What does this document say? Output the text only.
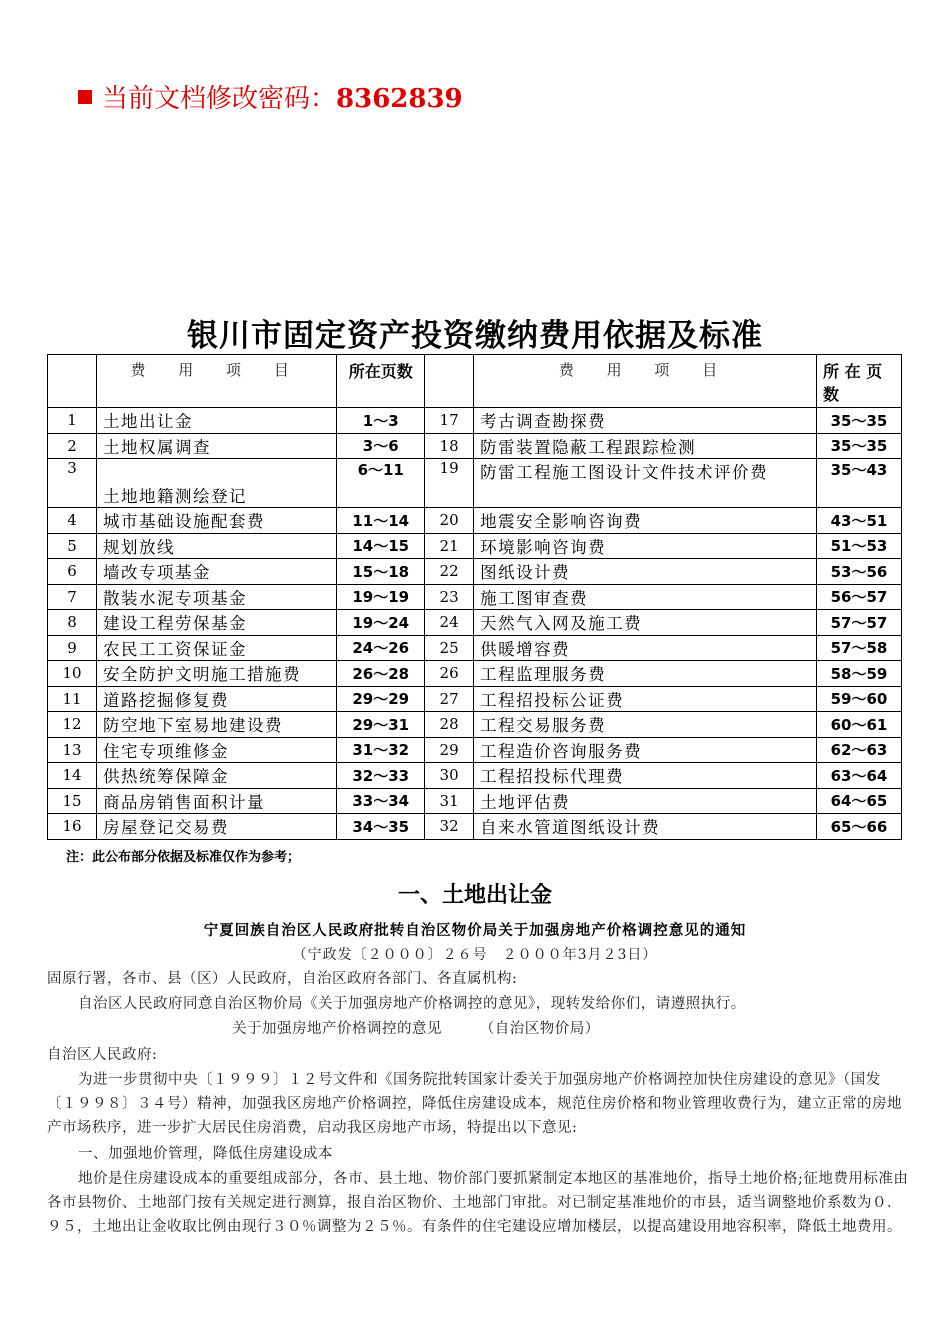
当前文档修改密码：8362839
银川市固定资产投资缴纳费用依据及标准
	费 用 项 目	所在页数		费 用 项 目	所 在 页 数
1	土地出让金	1～3	17	考古调查勘探费	35～35
2	土地权属调查	3～6	18	防雷装置隐蔽工程跟踪检测	35～35
3	土地地籍测绘登记	6～11	19	防雷工程施工图设计文件技术评价费	35～43
4	城市基础设施配套费	11～14	20	地震安全影响咨询费	43～51
5	规划放线	14～15	21	环境影响咨询费	51～53
6	墙改专项基金	15～18	22	图纸设计费	53～56
7	散装水泥专项基金	19～19	23	施工图审查费	56～57
8	建设工程劳保基金	19～24	24	天然气入网及施工费	57～57
9	农民工工资保证金	24～26	25	供暖增容费	57～58
10	安全防护文明施工措施费	26～28	26	工程监理服务费	58～59
11	道路挖掘修复费	29～29	27	工程招投标公证费	59～60
12	防空地下室易地建设费	29～31	28	工程交易服务费	60～61
13	住宅专项维修金	31～32	29	工程造价咨询服务费	62～63
14	供热统筹保障金	32～33	30	工程招投标代理费	63～64
15	商品房销售面积计量	33～34	31	土地评估费	64～65
16	房屋登记交易费	34～35	32	自来水管道图纸设计费	65～66
注：此公布部分依据及标准仅作为参考；
一、土地出让金
宁夏回族自治区人民政府批转自治区物价局关于加强房地产价格调控意见的通知
（宁政发〔２０００〕２６号　２０００年3月２3日）
固原行署，各市、县（区）人民政府，自治区政府各部门、各直属机构:
自治区人民政府同意自治区物价局《关于加强房地产价格调控的意见》，现转发给你们，请遵照执行。
关于加强房地产价格调控的意见　　　（自治区物价局）
自治区人民政府:
为进一步贯彻中央〔１９９９〕１２号文件和《国务院批转国家计委关于加强房地产价格调控加快住房建设的意见》（国发〔１９９８〕３４号）精神，加强我区房地产价格调控，降低住房建设成本，规范住房价格和物业管理收费行为，建立正常的房地产市场秩序，进一步扩大居民住房消费，启动我区房地产市场，特提出以下意见:
一、加强地价管理，降低住房建设成本
地价是住房建设成本的重要组成部分，各市、县土地、物价部门要抓紧制定本地区的基准地价，指导土地价格;征地费用标准由各市县物价、土地部门按有关规定进行测算，报自治区物价、土地部门审批。对已制定基准地价的市县，适当调整地价系数为０．９５，土地出让金收取比例由现行３０％调整为２５％。有条件的住宅建设应增加楼层，以提高建设用地容积率，降低土地费用。
